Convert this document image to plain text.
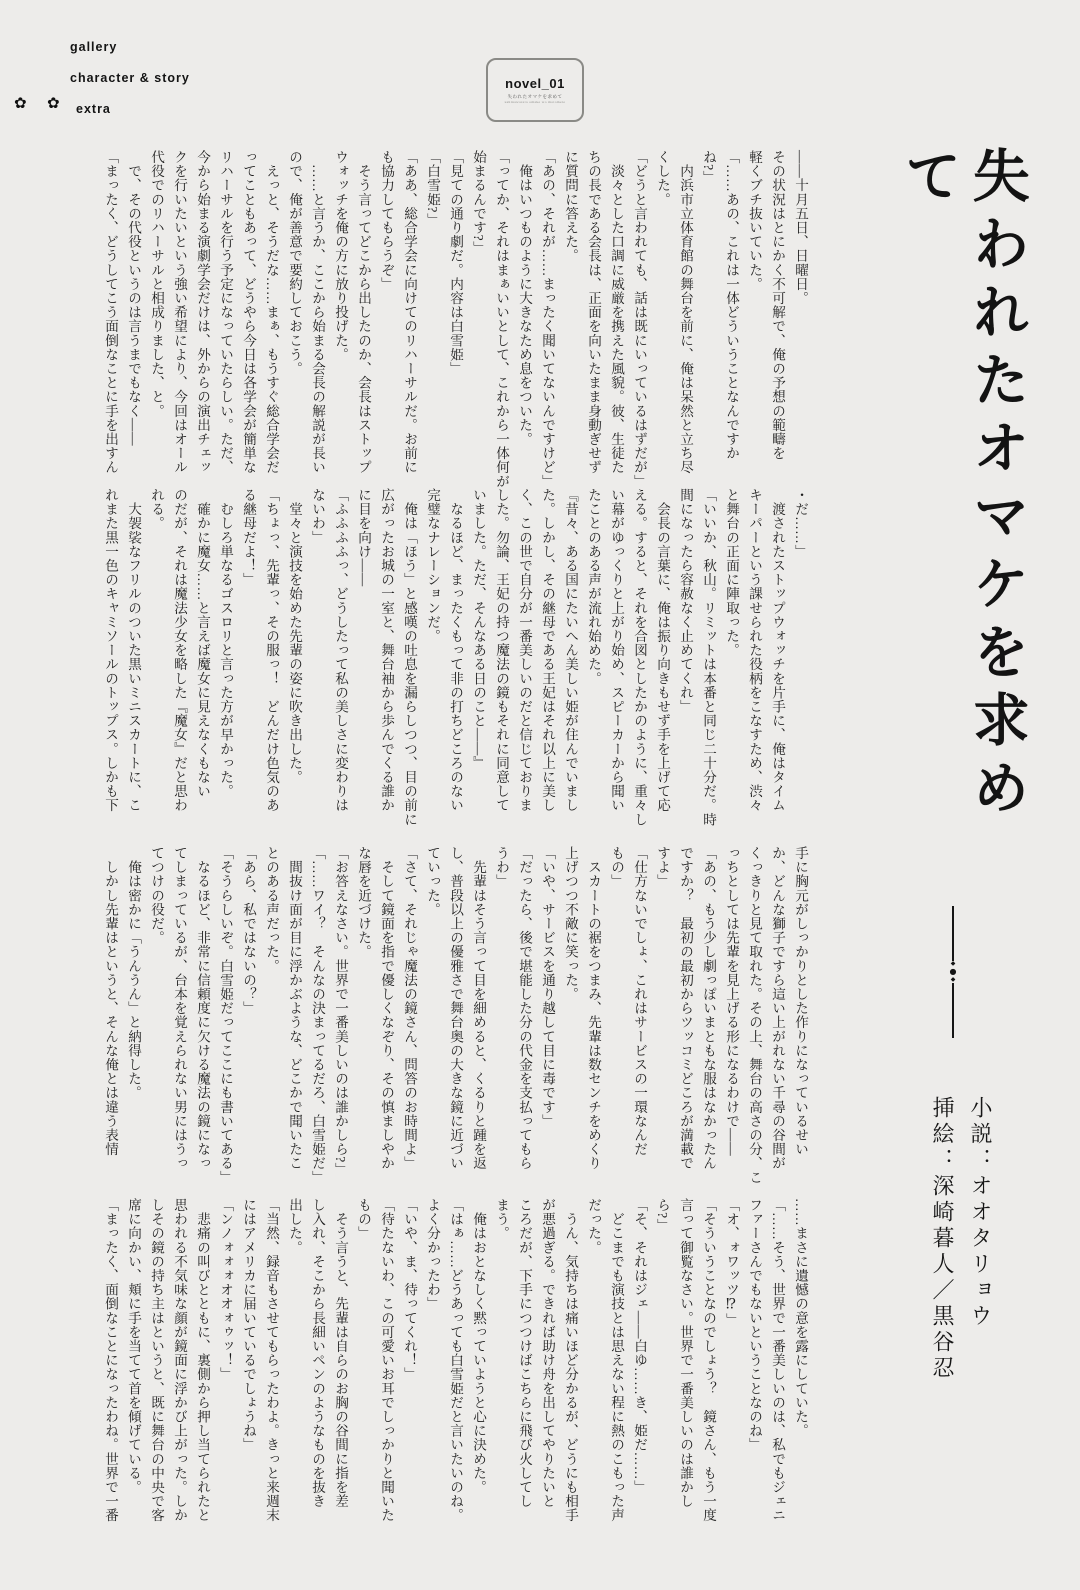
✿ ✿
gallery
character & story
extra
novel_01
失われたオマケを求めて
ushinawareta omake wo motomete
失われたオマケを求めて
◆
●
◆

小説：オオタリョウ

挿絵：深崎暮人／黒谷忍

――十月五日、日曜日。

その状況はとにかく不可解で、俺の予想の範疇を

軽くブチ抜いていた。

「……あの、これは一体どういうことなんですか

ね?」

　内浜市立体育館の舞台を前に、俺は呆然と立ち尽

くした。

「どうと言われても、話は既にいっているはずだが」

　淡々とした口調に威厳を携えた風貌。彼、生徒た

ちの長である会長は、正面を向いたまま身動ぎせず

に質問に答えた。

「あの、それが……まったく聞いてないんですけど」

　俺はいつものように大きなため息をついた。

「ってか、それはまぁいいとして、これから一体何が

始まるんです?」

「見ての通り劇だ。内容は白雪姫」

「白雪姫?」

「ああ、総合学会に向けてのリハーサルだ。お前に

も協力してもらうぞ」

　そう言ってどこから出したのか、会長はストップ

ウォッチを俺の方に放り投げた。

　……と言うか、ここから始まる会長の解説が長い

ので、俺が善意で要約しておこう。

　えっと、そうだな……まぁ、もうすぐ総合学会だ

ってこともあって、どうやら今日は各学会が簡単な

リハーサルを行う予定になっていたらしい。ただ、

今から始まる演劇学会だけは、外からの演出チェッ

クを行いたいという強い希望により、今回はオール

代役でのリハーサルと相成りました、と。

　で、その代役というのは言うまでもなく――

「まったく、どうしてこう面倒なことに手を出すん

・だ……」

　渡されたストップウォッチを片手に、俺はタイム

キーパーという課せられた役柄をこなすため、渋々

と舞台の正面に陣取った。

「いいか、秋山。リミットは本番と同じ二十分だ。時

間になったら容赦なく止めてくれ」

　会長の言葉に、俺は振り向きもせず手を上げて応

える。すると、それを合図としたかのように、重々し

い幕がゆっくりと上がり始め、スピーカーから聞い

たことのある声が流れ始めた。

『昔々、ある国にたいへん美しい姫が住んでいまし

た。しかし、その継母である王妃はそれ以上に美し

く、この世で自分が一番美しいのだと信じておりま

した。勿論、王妃の持つ魔法の鏡もそれに同意して

いました。ただ、そんなある日のこと――』

　なるほど、まったくもって非の打ちどころのない

完璧なナレーションだ。

　俺は「ほう」と感嘆の吐息を漏らしつつ、目の前に

広がったお城の一室と、舞台袖から歩んでくる誰か

に目を向け――

「ふふふふっ、どうしたって私の美しさに変わりは

ないわ」

　堂々と演技を始めた先輩の姿に吹き出した。

「ちょっ、先輩っ、その服っ！　どんだけ色気のあ

る継母だよ！」

　むしろ単なるゴスロリと言った方が早かった。

　確かに魔女……と言えば魔女に見えなくもない

のだが、それは魔法少女を略した『魔女』だと思わ

れる。

　大袈裟なフリルのついた黒いミニスカートに、こ

れまた黒一色のキャミソールのトップス。しかも下

手に胸元がしっかりとした作りになっているせい

か、どんな獅子ですら這い上がれない千尋の谷間が

くっきりと見て取れた。その上、舞台の高さの分、こ

っちとしては先輩を見上げる形になるわけで――

「あの、もう少し劇っぽいまともな服はなかったん

ですか？　最初の最初からツッコミどころが満載で

すよ」

「仕方ないでしょ、これはサービスの一環なんだ

もの」

　スカートの裾をつまみ、先輩は数センチをめくり

上げつつ不敵に笑った。

「いや、サービスを通り越して目に毒です」

「だったら、後で堪能した分の代金を支払ってもら

うわ」

　先輩はそう言って目を細めると、くるりと踵を返

し、普段以上の優雅さで舞台奥の大きな鏡に近づい

ていった。

「さて、それじゃ魔法の鏡さん、問答のお時間よ」

　そして鏡面を指で優しくなぞり、その慎ましやか

な唇を近づけた。

「お答えなさい。世界で一番美しいのは誰かしら?」

「……ワイ？　そんなの決まってるだろ、白雪姫だ」

　間抜け面が目に浮かぶような、どこかで聞いたこ

とのある声だった。

「あら、私ではないの？」

「そうらしいぞ。白雪姫だってここにも書いてある」

　なるほど、非常に信頼度に欠ける魔法の鏡になっ

てしまっているが、台本を覚えられない男にはうっ

てつけの役だ。

　俺は密かに「うんうん」と納得した。

　しかし先輩はというと、そんな俺とは違う表情

……まさに遺憾の意を露にしていた。

「……そう、世界で一番美しいのは、私でもジェニ

ファーさんでもないということなのね」

「オ、ォワッツ⁉」

「そういうことなのでしょう？　鏡さん、もう一度

言って御覧なさい。世界で一番美しいのは誰かし

ら?」

「そ、それはジェ――白ゆ……き、姫だ……」

　どこまでも演技とは思えない程に熱のこもった声

だった。

　うん、気持ちは痛いほど分かるが、どうにも相手

が悪過ぎる。できれば助け舟を出してやりたいと

ころだが、下手につつけばこちらに飛び火してし

まう。

　俺はおとなしく黙っていようと心に決めた。

「はぁ……どうあっても白雪姫だと言いたいのね。

よく分かったわ」

「いや、ま、待ってくれ！」

「待たないわ、この可愛いお耳でしっかりと聞いた

もの」

　そう言うと、先輩は自らのお胸の谷間に指を差

し入れ、そこから長細いペンのようなものを抜き

出した。

「当然、録音もさせてもらったわよ。きっと来週末

にはアメリカに届いているでしょうね」

「ンノォォォオオォゥッ！」

　悲痛の叫びとともに、裏側から押し当てられたと

思われる不気味な顔が鏡面に浮かび上がった。しか

しその鏡の持ち主はというと、既に舞台の中央で客

席に向かい、頬に手を当てて首を傾げている。

「まったく、面倒なことになったわね。世界で一番
